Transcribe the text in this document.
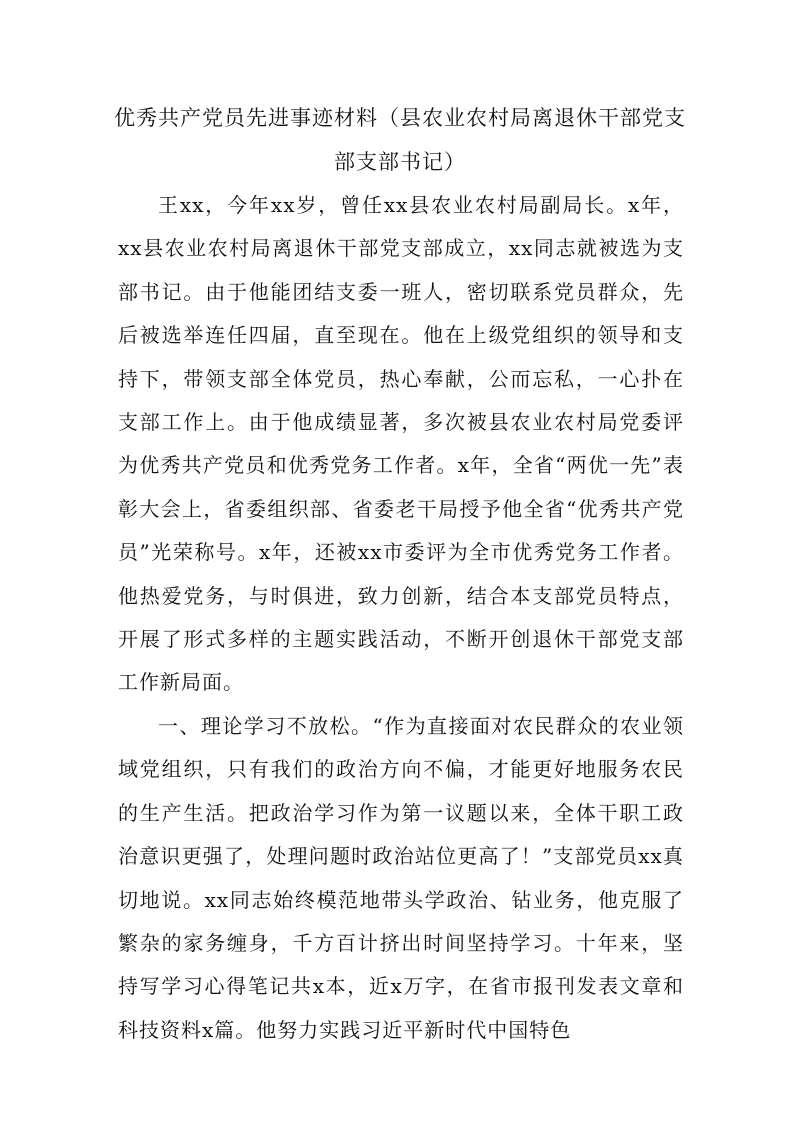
优秀共产党员先进事迹材料（县农业农村局离退休干部党支部支部书记）

王xx，今年xx岁，曾任xx县农业农村局副局长。x年，xx县农业农村局离退休干部党支部成立，xx同志就被选为支部书记。由于他能团结支委一班人，密切联系党员群众，先后被选举连任四届，直至现在。他在上级党组织的领导和支持下，带领支部全体党员，热心奉献，公而忘私，一心扑在支部工作上。由于他成绩显著，多次被县农业农村局党委评为优秀共产党员和优秀党务工作者。x年，全省“两优一先”表彰大会上，省委组织部、省委老干局授予他全省“优秀共产党员”光荣称号。x年，还被xx市委评为全市优秀党务工作者。他热爱党务，与时俱进，致力创新，结合本支部党员特点，开展了形式多样的主题实践活动，不断开创退休干部党支部工作新局面。

一、理论学习不放松。“作为直接面对农民群众的农业领域党组织，只有我们的政治方向不偏，才能更好地服务农民的生产生活。把政治学习作为第一议题以来，全体干职工政治意识更强了，处理问题时政治站位更高了！”支部党员xx真切地说。xx同志始终模范地带头学政治、钻业务，他克服了繁杂的家务缠身，千方百计挤出时间坚持学习。十年来，坚持写学习心得笔记共x本，近x万字，在省市报刊发表文章和科技资料x篇。他努力实践习近平新时代中国特色
